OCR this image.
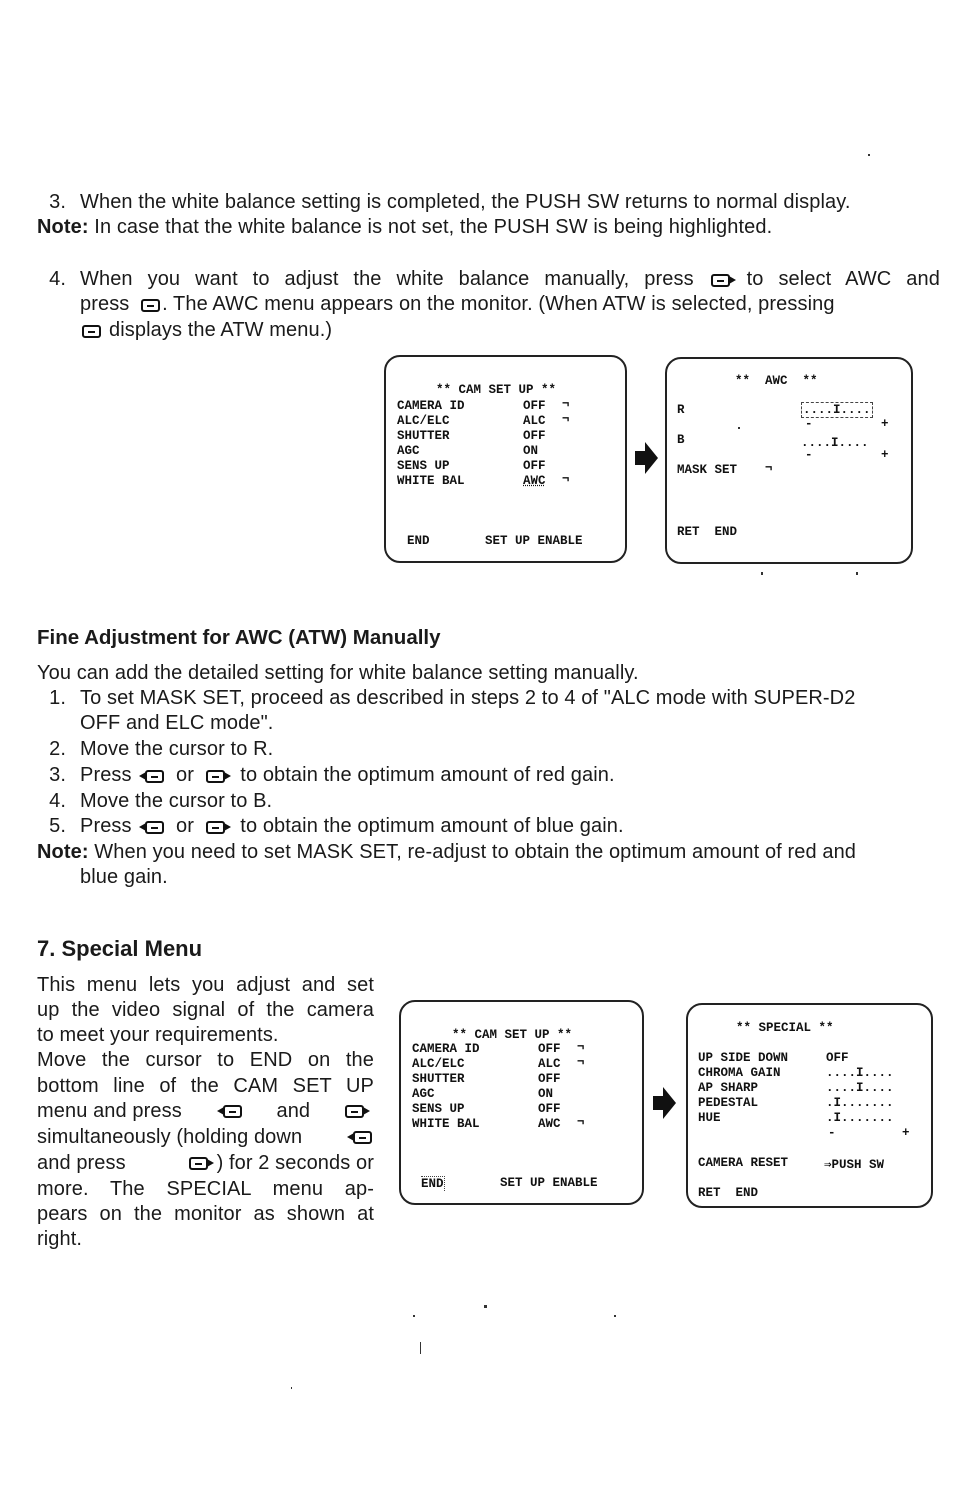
3. When the white balance setting is completed, the PUSH SW returns to normal display.
Note: In case that the white balance is not set, the PUSH SW is being highlighted.
4. When you want to adjust the white balance manually, press	to select AWC and
press . The AWC menu appears on the monitor. (When ATW is selected, pressing
displays the ATW menu.)
** CAM SET UP **
CAMERA ID	OFF ¬
ALC/ELC	ALC ¬
SHUTTER	OFF
AGC	ON
SENS UP	OFF
WHITE BAL	AWC ¬
END	SET UP ENABLE
**  AWC  **
R	....I....
-	+
B	....I....
-	+
MASK SET ¬
RET  END
Fine Adjustment for AWC (ATW) Manually
You can add the detailed setting for white balance setting manually.
1. To set MASK SET, proceed as described in steps 2 to 4 of "ALC mode with SUPER-D2
OFF and ELC mode".
2. Move the cursor to R.
3. Press or to obtain the optimum amount of red gain.
4. Move the cursor to B.
5. Press or to obtain the optimum amount of blue gain.
Note: When you need to set MASK SET, re-adjust to obtain the optimum amount of red and
blue gain.
7. Special Menu
This menu lets you adjust and set
up the video signal of the camera
to meet your requirements.
Move the cursor to END on the
bottom line of the CAM SET UP
menu and press	and
simultaneously (holding down
and press	) for 2 seconds or
more. The SPECIAL menu ap-
pears on the monitor as shown at
right.
** CAM SET UP **
CAMERA ID	OFF ¬
ALC/ELC	ALC ¬
SHUTTER	OFF
AGC	ON
SENS UP	OFF
WHITE BAL	AWC ¬
END	SET UP ENABLE
** SPECIAL **
UP SIDE DOWN	OFF
CHROMA GAIN	....I....
AP SHARP	....I....
PEDESTAL	.I.......
HUE	.I.......
-	+
CAMERA RESET	⇒PUSH SW
RET  END
